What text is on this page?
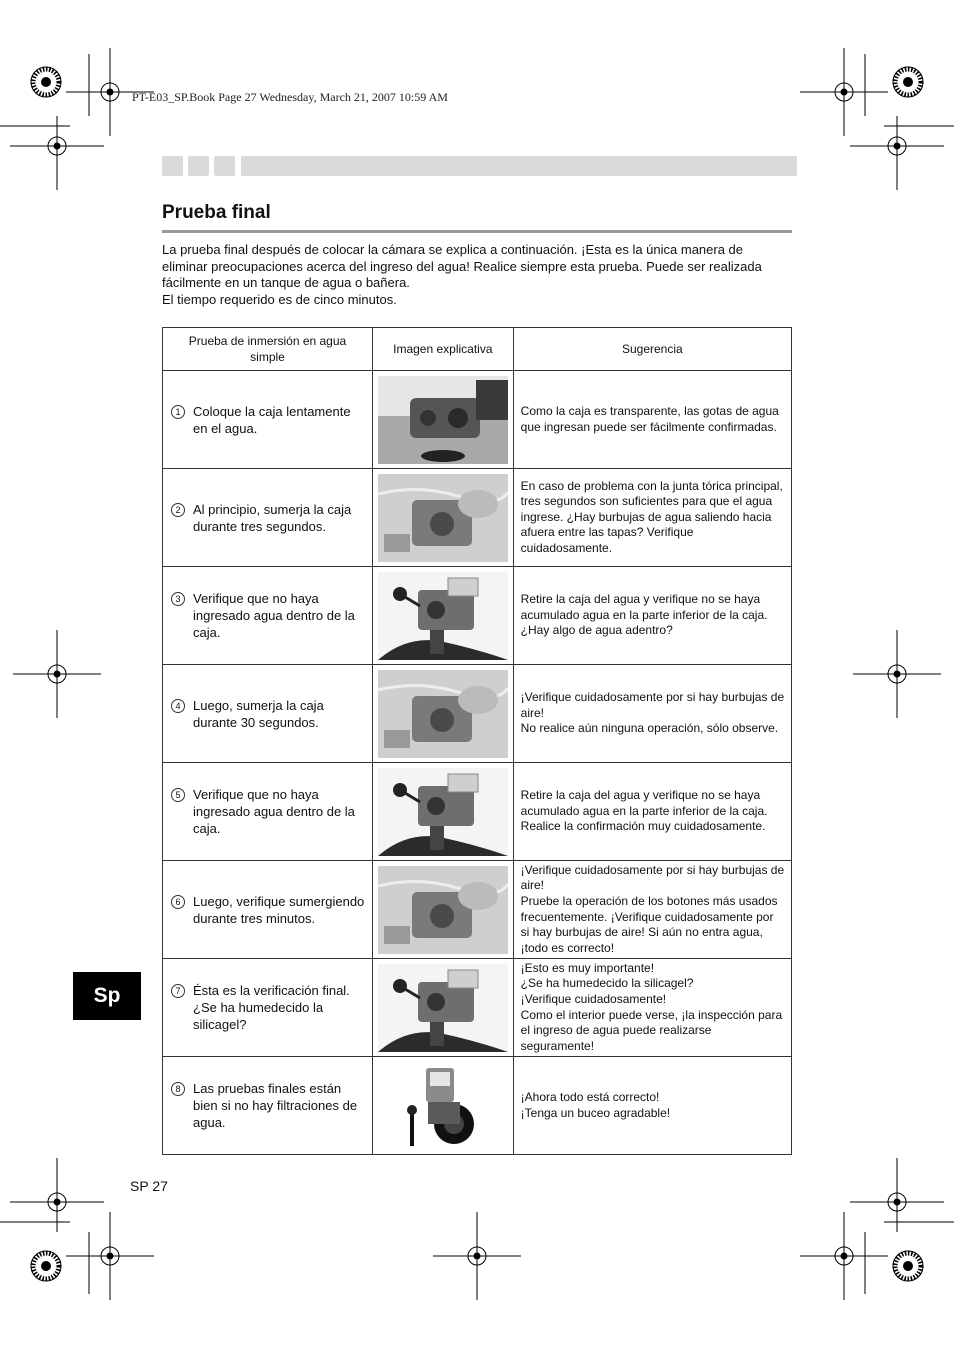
PT-E03_SP.Book Page 27 Wednesday, March 21, 2007 10:59 AM
Prueba final

La prueba final después de colocar la cámara se explica a continuación. ¡Esta es la única manera de

eliminar preocupaciones acerca del ingreso del agua! Realice siempre esta prueba. Puede ser realizada

fácilmente en un tanque de agua o bañera.

El tiempo requerido es de cinco minutos.

Prueba de inmersión en agua simple	Imagen explicativa	Sugerencia

1 Coloque la caja lentamente en el agua.		Como la caja es transparente, las gotas de agua que ingresan puede ser fácilmente confirmadas.

2 Al principio, sumerja la caja durante tres segundos.		En caso de problema con la junta tórica principal, tres segundos son suficientes para que el agua ingrese. ¿Hay burbujas de agua saliendo hacia afuera entre las tapas? Verifique cuidadosamente.

3 Verifique que no haya ingresado agua dentro de la caja.		Retire la caja del agua y verifique no se haya acumulado agua en la parte inferior de la caja. ¿Hay algo de agua adentro?

4 Luego, sumerja la caja durante 30 segundos.		¡Verifique cuidadosamente por si hay burbujas de aire!
No realice aún ninguna operación, sólo observe.

5 Verifique que no haya ingresado agua dentro de la caja.		Retire la caja del agua y verifique no se haya acumulado agua en la parte inferior de la caja. Realice la confirmación muy cuidadosamente.

6 Luego, verifique sumergiendo durante tres minutos.		¡Verifique cuidadosamente por si hay burbujas de aire!
Pruebe la operación de los botones más usados frecuentemente. ¡Verifique cuidadosamente por si hay burbujas de aire! Si aún no entra agua, ¡todo es correcto!

7 Ésta es la verificación final. ¿Se ha humedecido la silicagel?		¡Esto es muy importante!
¿Se ha humedecido la silicagel?
¡Verifique cuidadosamente!
Como el interior puede verse, ¡la inspección para el ingreso de agua puede realizarse seguramente!

8 Las pruebas finales están bien si no hay filtraciones de agua.		¡Ahora todo está correcto!
¡Tenga un buceo agradable!
Sp
SP 27
